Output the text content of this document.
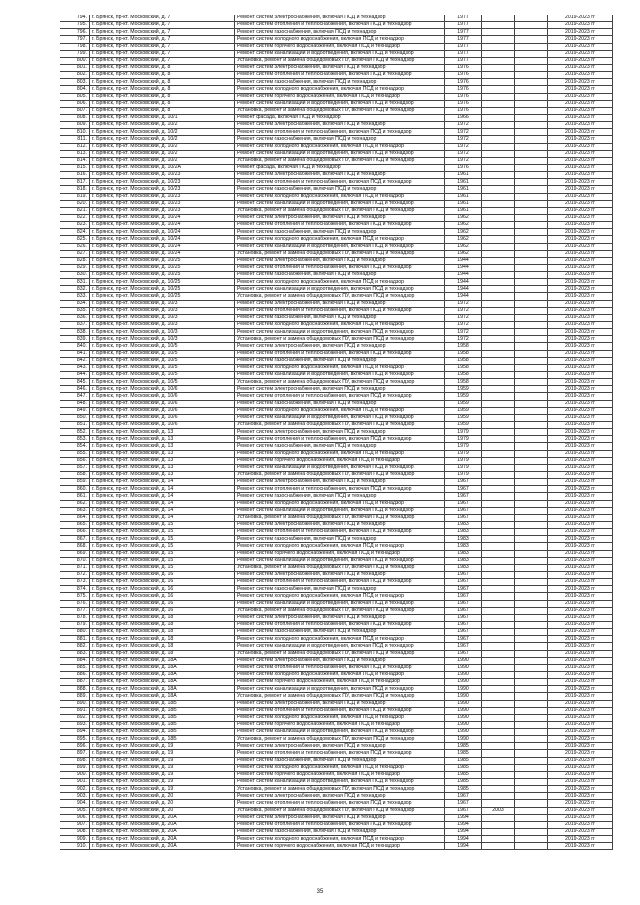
794.	г. Брянск, пр-кт. Московский, д. 7	Ремонт систем электроснабжения, включая ПСД и технадзор	1977			2019-2023 гг
795.	г. Брянск, пр-кт. Московский, д. 7	Ремонт систем отопления и теплоснабжения, включая ПСД и технадзор	1977			2019-2023 гг
796.	г. Брянск, пр-кт. Московский, д. 7	Ремонт систем газоснабжения, включая ПСД и технадзор	1977			2019-2023 гг
797.	г. Брянск, пр-кт. Московский, д. 7	Ремонт систем холодного водоснабжения, включая ПСД и технадзор	1977			2019-2023 гг
798.	г. Брянск, пр-кт. Московский, д. 7	Ремонт систем горячего водоснабжения, включая ПСД и технадзор	1977			2019-2023 гг
799.	г. Брянск, пр-кт. Московский, д. 7	Ремонт систем канализации и водоотведения, включая ПСД и технадзор	1977			2019-2023 гг
800.	г. Брянск, пр-кт. Московский, д. 7	Установка, ремонт и замена общедомовых ПУ, включая ПСД и технадзор	1977			2019-2023 гг
801.	г. Брянск, пр-кт. Московский, д. 8	Ремонт систем электроснабжения, включая ПСД и технадзор	1976			2019-2023 гг
802.	г. Брянск, пр-кт. Московский, д. 8	Ремонт систем отопления и теплоснабжения, включая ПСД и технадзор	1976			2019-2023 гг
803.	г. Брянск, пр-кт. Московский, д. 8	Ремонт систем газоснабжения, включая ПСД и технадзор	1976			2019-2023 гг
804.	г. Брянск, пр-кт. Московский, д. 8	Ремонт систем холодного водоснабжения, включая ПСД и технадзор	1976			2019-2023 гг
805.	г. Брянск, пр-кт. Московский, д. 8	Ремонт систем горячего водоснабжения, включая ПСД и технадзор	1976			2019-2023 гг
806.	г. Брянск, пр-кт. Московский, д. 8	Ремонт систем канализации и водоотведения, включая ПСД и технадзор	1976			2019-2023 гг
807.	г. Брянск, пр-кт. Московский, д. 8	Установка, ремонт и замена общедомовых ПУ, включая ПСД и технадзор	1976			2019-2023 гг
808.	г. Брянск, пр-кт. Московский, д. 10/1	Ремонт фасада, включая ПСД и технадзор	1966			2019-2023 гг
809.	г. Брянск, пр-кт. Московский, д. 10/2	Ремонт систем электроснабжения, включая ПСД и технадзор	1972			2019-2023 гг
810.	г. Брянск, пр-кт. Московский, д. 10/2	Ремонт систем отопления и теплоснабжения, включая ПСД и технадзор	1972			2019-2023 гг
811.	г. Брянск, пр-кт. Московский, д. 10/2	Ремонт систем газоснабжения, включая ПСД и технадзор	1972			2019-2023 гг
812.	г. Брянск, пр-кт. Московский, д. 10/2	Ремонт систем холодного водоснабжения, включая ПСД и технадзор	1972			2019-2023 гг
813.	г. Брянск, пр-кт. Московский, д. 10/2	Ремонт систем канализации и водоотведения, включая ПСД и технадзор	1972			2019-2023 гг
814.	г. Брянск, пр-кт. Московский, д. 10/2	Установка, ремонт и замена общедомовых ПУ, включая ПСД и технадзор	1972			2019-2023 гг
815.	г. Брянск, пр-кт. Московский, д. 10/2А	Ремонт фасада, включая ПСД и технадзор	1976			2019-2023 гг
816.	г. Брянск, пр-кт. Московский, д. 10/23	Ремонт систем электроснабжения, включая ПСД и технадзор	1961			2019-2023 гг
817.	г. Брянск, пр-кт. Московский, д. 10/23	Ремонт систем отопления и теплоснабжения, включая ПСД и технадзор	1961			2019-2023 гг
818.	г. Брянск, пр-кт. Московский, д. 10/23	Ремонт систем газоснабжения, включая ПСД и технадзор	1961			2019-2023 гг
819.	г. Брянск, пр-кт. Московский, д. 10/23	Ремонт систем холодного водоснабжения, включая ПСД и технадзор	1961			2019-2023 гг
820.	г. Брянск, пр-кт. Московский, д. 10/23	Ремонт систем канализации и водоотведения, включая ПСД и технадзор	1961			2019-2023 гг
821.	г. Брянск, пр-кт. Московский, д. 10/23	Установка, ремонт и замена общедомовых ПУ, включая ПСД и технадзор	1961			2019-2023 гг
822.	г. Брянск, пр-кт. Московский, д. 10/24	Ремонт систем электроснабжения, включая ПСД и технадзор	1962			2019-2023 гг
823.	г. Брянск, пр-кт. Московский, д. 10/24	Ремонт систем отопления и теплоснабжения, включая ПСД и технадзор	1962			2019-2023 гг
824.	г. Брянск, пр-кт. Московский, д. 10/24	Ремонт систем газоснабжения, включая ПСД и технадзор	1962			2019-2023 гг
825.	г. Брянск, пр-кт. Московский, д. 10/24	Ремонт систем холодного водоснабжения, включая ПСД и технадзор	1962			2019-2023 гг
826.	г. Брянск, пр-кт. Московский, д. 10/24	Ремонт систем канализации и водоотведения, включая ПСД и технадзор	1962			2019-2023 гг
827.	г. Брянск, пр-кт. Московский, д. 10/24	Установка, ремонт и замена общедомовых ПУ, включая ПСД и технадзор	1962			2019-2023 гг
828.	г. Брянск, пр-кт. Московский, д. 10/25	Ремонт систем электроснабжения, включая ПСД и технадзор	1944			2019-2023 гг
829.	г. Брянск, пр-кт. Московский, д. 10/25	Ремонт систем отопления и теплоснабжения, включая ПСД и технадзор	1944			2019-2023 гг
830.	г. Брянск, пр-кт. Московский, д. 10/25	Ремонт систем газоснабжения, включая ПСД и технадзор	1944			2019-2023 гг
831.	г. Брянск, пр-кт. Московский, д. 10/25	Ремонт систем холодного водоснабжения, включая ПСД и технадзор	1944			2019-2023 гг
832.	г. Брянск, пр-кт. Московский, д. 10/25	Ремонт систем канализации и водоотведения, включая ПСД и технадзор	1944			2019-2023 гг
833.	г. Брянск, пр-кт. Московский, д. 10/25	Установка, ремонт и замена общедомовых ПУ, включая ПСД и технадзор	1944			2019-2023 гг
834.	г. Брянск, пр-кт. Московский, д. 10/3	Ремонт систем электроснабжения, включая ПСД и технадзор	1972			2019-2023 гг
835.	г. Брянск, пр-кт. Московский, д. 10/3	Ремонт систем отопления и теплоснабжения, включая ПСД и технадзор	1972			2019-2023 гг
836.	г. Брянск, пр-кт. Московский, д. 10/3	Ремонт систем газоснабжения, включая ПСД и технадзор	1972			2019-2023 гг
837.	г. Брянск, пр-кт. Московский, д. 10/3	Ремонт систем холодного водоснабжения, включая ПСД и технадзор	1972			2019-2023 гг
838.	г. Брянск, пр-кт. Московский, д. 10/3	Ремонт систем канализации и водоотведения, включая ПСД и технадзор	1972			2019-2023 гг
839.	г. Брянск, пр-кт. Московский, д. 10/3	Установка, ремонт и замена общедомовых ПУ, включая ПСД и технадзор	1972			2019-2023 гг
840.	г. Брянск, пр-кт. Московский, д. 10/5	Ремонт систем электроснабжения, включая ПСД и технадзор	1958			2019-2023 гг
841.	г. Брянск, пр-кт. Московский, д. 10/5	Ремонт систем отопления и теплоснабжения, включая ПСД и технадзор	1958			2019-2023 гг
842.	г. Брянск, пр-кт. Московский, д. 10/5	Ремонт систем газоснабжения, включая ПСД и технадзор	1958			2019-2023 гг
843.	г. Брянск, пр-кт. Московский, д. 10/5	Ремонт систем холодного водоснабжения, включая ПСД и технадзор	1958			2019-2023 гг
844.	г. Брянск, пр-кт. Московский, д. 10/5	Ремонт систем канализации и водоотведения, включая ПСД и технадзор	1958			2019-2023 гг
845.	г. Брянск, пр-кт. Московский, д. 10/5	Установка, ремонт и замена общедомовых ПУ, включая ПСД и технадзор	1958			2019-2023 гг
846.	г. Брянск, пр-кт. Московский, д. 10/6	Ремонт систем электроснабжения, включая ПСД и технадзор	1959			2019-2023 гг
847.	г. Брянск, пр-кт. Московский, д. 10/6	Ремонт систем отопления и теплоснабжения, включая ПСД и технадзор	1959			2019-2023 гг
848.	г. Брянск, пр-кт. Московский, д. 10/6	Ремонт систем газоснабжения, включая ПСД и технадзор	1959			2019-2023 гг
849.	г. Брянск, пр-кт. Московский, д. 10/6	Ремонт систем холодного водоснабжения, включая ПСД и технадзор	1959			2019-2023 гг
850.	г. Брянск, пр-кт. Московский, д. 10/6	Ремонт систем канализации и водоотведения, включая ПСД и технадзор	1959			2019-2023 гг
851.	г. Брянск, пр-кт. Московский, д. 10/6	Установка, ремонт и замена общедомовых ПУ, включая ПСД и технадзор	1959			2019-2023 гг
852.	г. Брянск, пр-кт. Московский, д. 13	Ремонт систем электроснабжения, включая ПСД и технадзор	1979			2019-2023 гг
853.	г. Брянск, пр-кт. Московский, д. 13	Ремонт систем отопления и теплоснабжения, включая ПСД и технадзор	1979			2019-2023 гг
854.	г. Брянск, пр-кт. Московский, д. 13	Ремонт систем газоснабжения, включая ПСД и технадзор	1979			2019-2023 гг
855.	г. Брянск, пр-кт. Московский, д. 13	Ремонт систем холодного водоснабжения, включая ПСД и технадзор	1979			2019-2023 гг
856.	г. Брянск, пр-кт. Московский, д. 13	Ремонт систем горячего водоснабжения, включая ПСД и технадзор	1979			2019-2023 гг
857.	г. Брянск, пр-кт. Московский, д. 13	Ремонт систем канализации и водоотведения, включая ПСД и технадзор	1979			2019-2023 гг
858.	г. Брянск, пр-кт. Московский, д. 13	Установка, ремонт и замена общедомовых ПУ, включая ПСД и технадзор	1979			2019-2023 гг
859.	г. Брянск, пр-кт. Московский, д. 14	Ремонт систем электроснабжения, включая ПСД и технадзор	1967			2019-2023 гг
860.	г. Брянск, пр-кт. Московский, д. 14	Ремонт систем отопления и теплоснабжения, включая ПСД и технадзор	1967			2019-2023 гг
861.	г. Брянск, пр-кт. Московский, д. 14	Ремонт систем газоснабжения, включая ПСД и технадзор	1967			2019-2023 гг
862.	г. Брянск, пр-кт. Московский, д. 14	Ремонт систем холодного водоснабжения, включая ПСД и технадзор	1967			2019-2023 гг
863.	г. Брянск, пр-кт. Московский, д. 14	Ремонт систем канализации и водоотведения, включая ПСД и технадзор	1967			2019-2023 гг
864.	г. Брянск, пр-кт. Московский, д. 14	Установка, ремонт и замена общедомовых ПУ, включая ПСД и технадзор	1967			2019-2023 гг
865.	г. Брянск, пр-кт. Московский, д. 15	Ремонт систем электроснабжения, включая ПСД и технадзор	1983			2019-2023 гг
866.	г. Брянск, пр-кт. Московский, д. 15	Ремонт систем отопления и теплоснабжения, включая ПСД и технадзор	1983			2019-2023 гг
867.	г. Брянск, пр-кт. Московский, д. 15	Ремонт систем газоснабжения, включая ПСД и технадзор	1983			2019-2023 гг
868.	г. Брянск, пр-кт. Московский, д. 15	Ремонт систем холодного водоснабжения, включая ПСД и технадзор	1983			2019-2023 гг
869.	г. Брянск, пр-кт. Московский, д. 15	Ремонт систем горячего водоснабжения, включая ПСД и технадзор	1983			2019-2023 гг
870.	г. Брянск, пр-кт. Московский, д. 15	Ремонт систем канализации и водоотведения, включая ПСД и технадзор	1983			2019-2023 гг
871.	г. Брянск, пр-кт. Московский, д. 15	Установка, ремонт и замена общедомовых ПУ, включая ПСД и технадзор	1983			2019-2023 гг
872.	г. Брянск, пр-кт. Московский, д. 16	Ремонт систем электроснабжения, включая ПСД и технадзор	1967			2019-2023 гг
873.	г. Брянск, пр-кт. Московский, д. 16	Ремонт систем отопления и теплоснабжения, включая ПСД и технадзор	1967			2019-2023 гг
874.	г. Брянск, пр-кт. Московский, д. 16	Ремонт систем газоснабжения, включая ПСД и технадзор	1967			2019-2023 гг
875.	г. Брянск, пр-кт. Московский, д. 16	Ремонт систем холодного водоснабжения, включая ПСД и технадзор	1967			2019-2023 гг
876.	г. Брянск, пр-кт. Московский, д. 16	Ремонт систем канализации и водоотведения, включая ПСД и технадзор	1967			2019-2023 гг
877.	г. Брянск, пр-кт. Московский, д. 16	Установка, ремонт и замена общедомовых ПУ, включая ПСД и технадзор	1967			2019-2023 гг
878.	г. Брянск, пр-кт. Московский, д. 18	Ремонт систем электроснабжения, включая ПСД и технадзор	1967			2019-2023 гг
879.	г. Брянск, пр-кт. Московский, д. 18	Ремонт систем отопления и теплоснабжения, включая ПСД и технадзор	1967			2019-2023 гг
880.	г. Брянск, пр-кт. Московский, д. 18	Ремонт систем газоснабжения, включая ПСД и технадзор	1967			2019-2023 гг
881.	г. Брянск, пр-кт. Московский, д. 18	Ремонт систем холодного водоснабжения, включая ПСД и технадзор	1967			2019-2023 гг
882.	г. Брянск, пр-кт. Московский, д. 18	Ремонт систем канализации и водоотведения, включая ПСД и технадзор	1967			2019-2023 гг
883.	г. Брянск, пр-кт. Московский, д. 18	Установка, ремонт и замена общедомовых ПУ, включая ПСД и технадзор	1967			2019-2023 гг
884.	г. Брянск, пр-кт. Московский, д. 18А	Ремонт систем электроснабжения, включая ПСД и технадзор	1990			2019-2023 гг
885.	г. Брянск, пр-кт. Московский, д. 18А	Ремонт систем отопления и теплоснабжения, включая ПСД и технадзор	1990			2019-2023 гг
886.	г. Брянск, пр-кт. Московский, д. 18А	Ремонт систем холодного водоснабжения, включая ПСД и технадзор	1990			2019-2023 гг
887.	г. Брянск, пр-кт. Московский, д. 18А	Ремонт систем горячего водоснабжения, включая ПСД и технадзор	1990			2019-2023 гг
888.	г. Брянск, пр-кт. Московский, д. 18А	Ремонт систем канализации и водоотведения, включая ПСД и технадзор	1990			2019-2023 гг
889.	г. Брянск, пр-кт. Московский, д. 18А	Установка, ремонт и замена общедомовых ПУ, включая ПСД и технадзор	1990			2019-2023 гг
890.	г. Брянск, пр-кт. Московский, д. 18Б	Ремонт систем электроснабжения, включая ПСД и технадзор	1990			2019-2023 гг
891.	г. Брянск, пр-кт. Московский, д. 18Б	Ремонт систем отопления и теплоснабжения, включая ПСД и технадзор	1990			2019-2023 гг
892.	г. Брянск, пр-кт. Московский, д. 18Б	Ремонт систем холодного водоснабжения, включая ПСД и технадзор	1990			2019-2023 гг
893.	г. Брянск, пр-кт. Московский, д. 18Б	Ремонт систем горячего водоснабжения, включая ПСД и технадзор	1990			2019-2023 гг
894.	г. Брянск, пр-кт. Московский, д. 18Б	Ремонт систем канализации и водоотведения, включая ПСД и технадзор	1990			2019-2023 гг
895.	г. Брянск, пр-кт. Московский, д. 18Б	Установка, ремонт и замена общедомовых ПУ, включая ПСД и технадзор	1990			2019-2023 гг
896.	г. Брянск, пр-кт. Московский, д. 19	Ремонт систем электроснабжения, включая ПСД и технадзор	1985			2019-2023 гг
897.	г. Брянск, пр-кт. Московский, д. 19	Ремонт систем отопления и теплоснабжения, включая ПСД и технадзор	1985			2019-2023 гг
898.	г. Брянск, пр-кт. Московский, д. 19	Ремонт систем газоснабжения, включая ПСД и технадзор	1985			2019-2023 гг
899.	г. Брянск, пр-кт. Московский, д. 19	Ремонт систем холодного водоснабжения, включая ПСД и технадзор	1985			2019-2023 гг
900.	г. Брянск, пр-кт. Московский, д. 19	Ремонт систем горячего водоснабжения, включая ПСД и технадзор	1985			2019-2023 гг
901.	г. Брянск, пр-кт. Московский, д. 19	Ремонт систем канализации и водоотведения, включая ПСД и технадзор	1985			2019-2023 гг
902.	г. Брянск, пр-кт. Московский, д. 19	Установка, ремонт и замена общедомовых ПУ, включая ПСД и технадзор	1985			2019-2023 гг
903.	г. Брянск, пр-кт. Московский, д. 20	Ремонт систем электроснабжения, включая ПСД и технадзор	1967			2019-2023 гг
904.	г. Брянск, пр-кт. Московский, д. 20	Ремонт систем отопления и теплоснабжения, включая ПСД и технадзор	1967			2019-2023 гг
905.	г. Брянск, пр-кт. Московский, д. 20	Установка, ремонт и замена общедомовых ПУ, включая ПСД и технадзор	1967	2003		2019-2023 гг
906.	г. Брянск, пр-кт. Московский, д. 20А	Ремонт систем электроснабжения, включая ПСД и технадзор	1994			2019-2023 гг
907.	г. Брянск, пр-кт. Московский, д. 20А	Ремонт систем отопления и теплоснабжения, включая ПСД и технадзор	1994			2019-2023 гг
908.	г. Брянск, пр-кт. Московский, д. 20А	Ремонт систем газоснабжения, включая ПСД и технадзор	1994			2019-2023 гг
909.	г. Брянск, пр-кт. Московский, д. 20А	Ремонт систем холодного водоснабжения, включая ПСД и технадзор	1994			2019-2023 гг
910.	г. Брянск, пр-кт. Московский, д. 20А	Ремонт систем горячего водоснабжения, включая ПСД и технадзор	1994			2019-2023 гг
35
